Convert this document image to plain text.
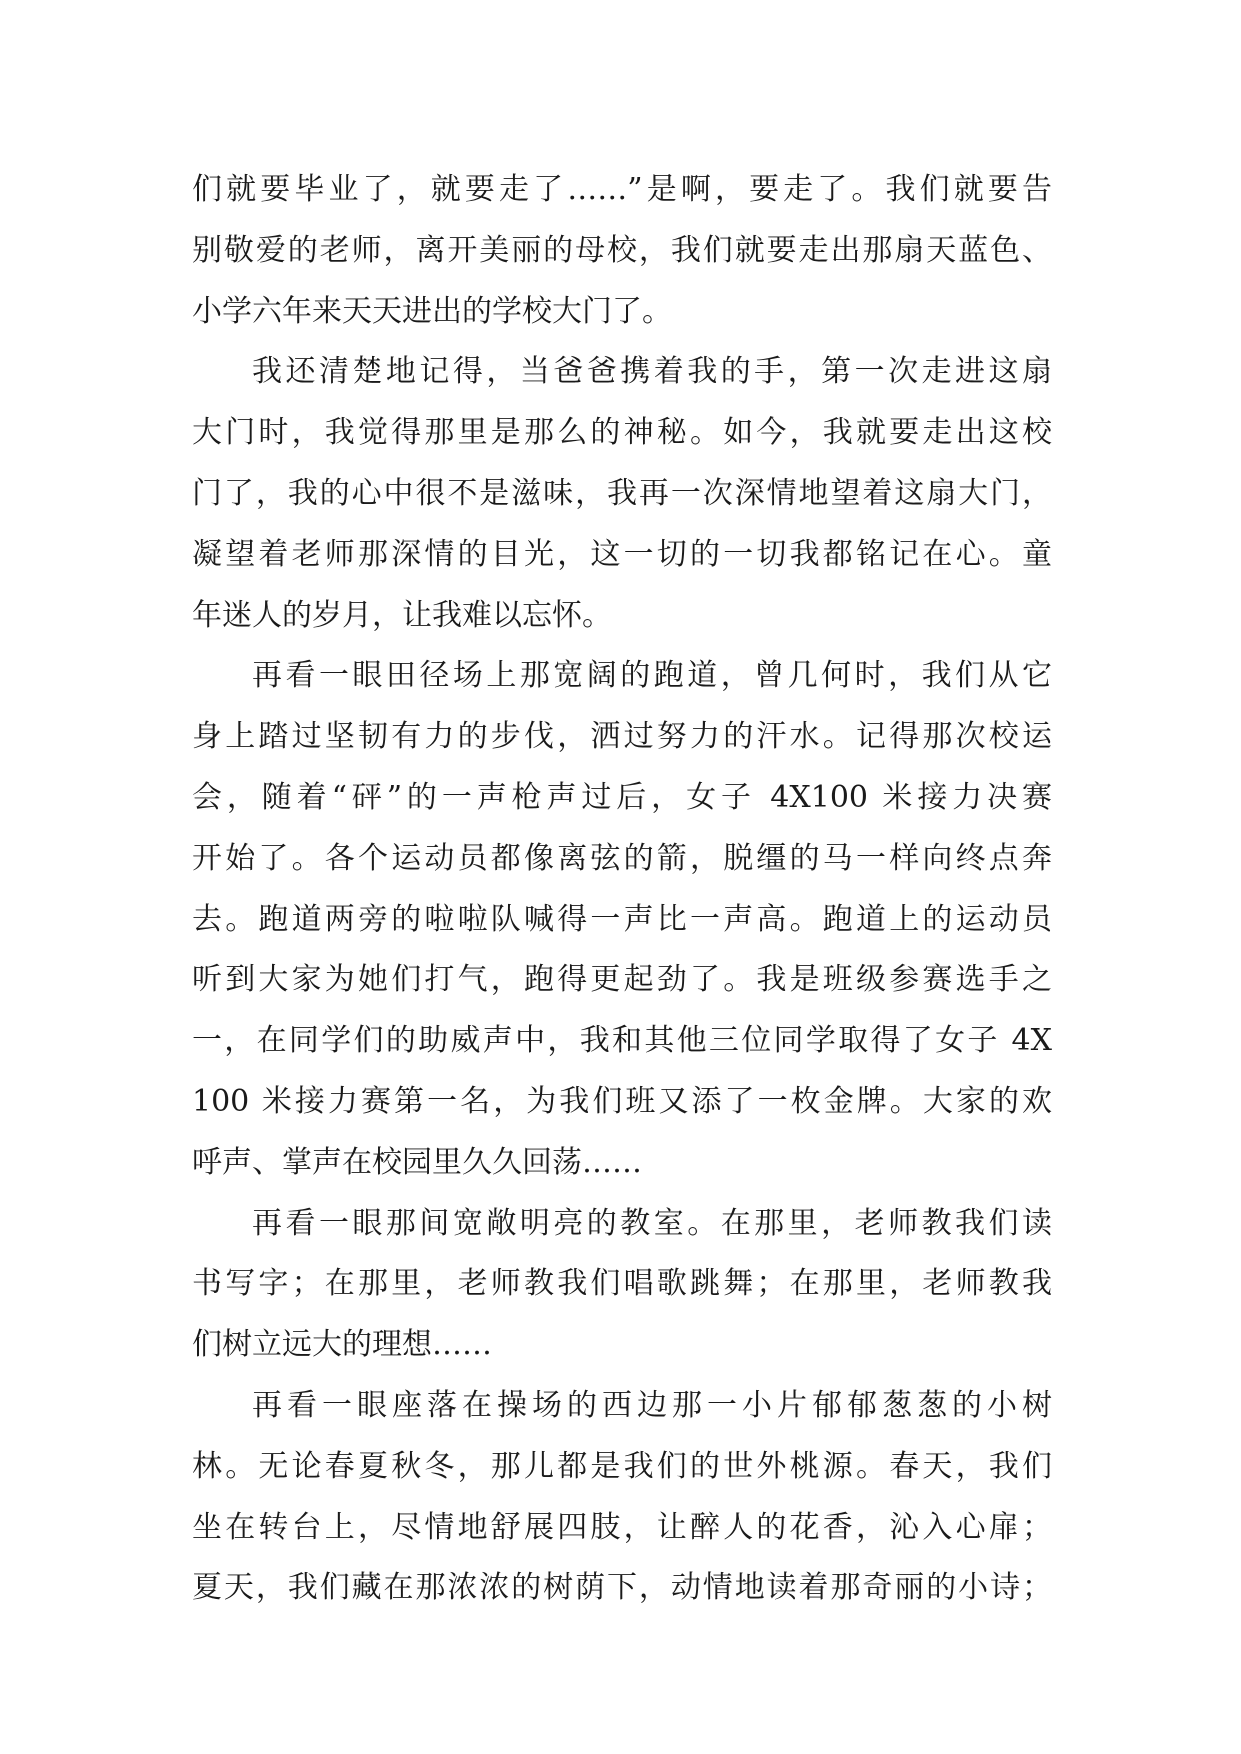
们就要毕业了，就要走了……”是啊，要走了。我们就要告
别敬爱的老师，离开美丽的母校，我们就要走出那扇天蓝色、
小学六年来天天进出的学校大门了。
我还清楚地记得，当爸爸携着我的手，第一次走进这扇
大门时，我觉得那里是那么的神秘。如今，我就要走出这校
门了，我的心中很不是滋味，我再一次深情地望着这扇大门，
凝望着老师那深情的目光，这一切的一切我都铭记在心。童
年迷人的岁月，让我难以忘怀。
再看一眼田径场上那宽阔的跑道，曾几何时，我们从它
身上踏过坚韧有力的步伐，洒过努力的汗水。记得那次校运
会，随着“砰”的一声枪声过后，女子 4X100 米接力决赛
开始了。各个运动员都像离弦的箭，脱缰的马一样向终点奔
去。跑道两旁的啦啦队喊得一声比一声高。跑道上的运动员
听到大家为她们打气，跑得更起劲了。我是班级参赛选手之
一，在同学们的助威声中，我和其他三位同学取得了女子 4X
100 米接力赛第一名，为我们班又添了一枚金牌。大家的欢
呼声、掌声在校园里久久回荡……
再看一眼那间宽敞明亮的教室。在那里，老师教我们读
书写字；在那里，老师教我们唱歌跳舞；在那里，老师教我
们树立远大的理想……
再看一眼座落在操场的西边那一小片郁郁葱葱的小树
林。无论春夏秋冬，那儿都是我们的世外桃源。春天，我们
坐在转台上，尽情地舒展四肢，让醉人的花香，沁入心扉；
夏天，我们藏在那浓浓的树荫下，动情地读着那奇丽的小诗；
